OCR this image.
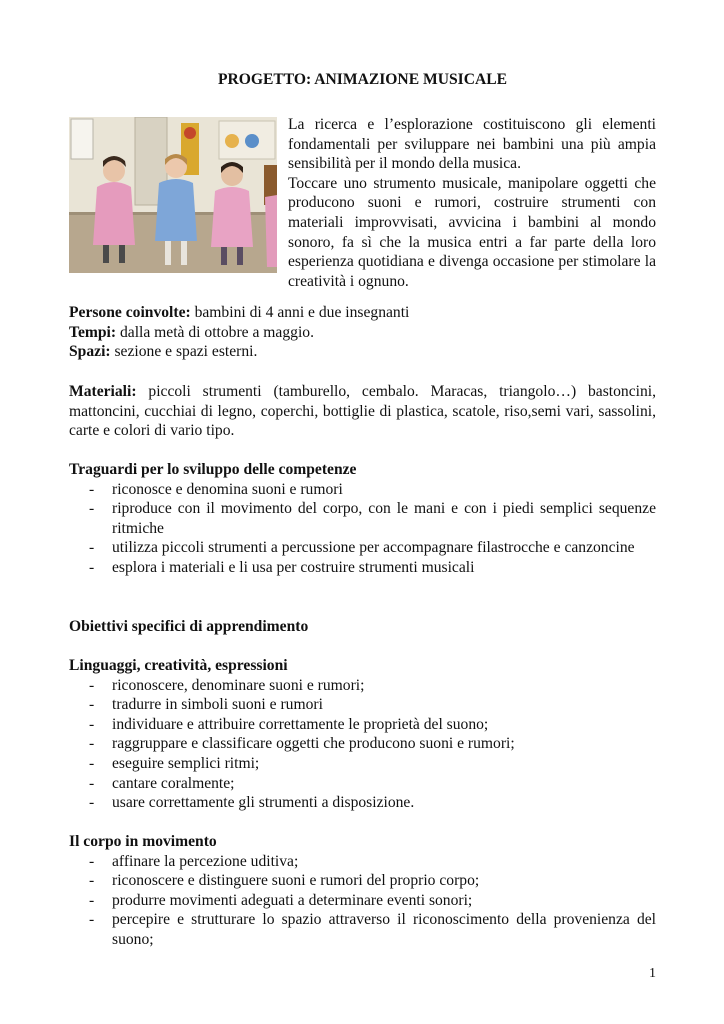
PROGETTO: ANIMAZIONE MUSICALE

La ricerca e l’esplorazione costituiscono gli elementi fondamentali per sviluppare nei bambini una più ampia sensibilità per il mondo della musica.

Toccare uno strumento musicale, manipolare oggetti che producono suoni e rumori, costruire strumenti con materiali improvvisati, avvicina i bambini al mondo sonoro, fa sì che la musica entri a far parte della loro esperienza quotidiana e divenga occasione per stimolare la creatività i ognuno.

Persone coinvolte: bambini di 4 anni e due insegnanti

Tempi: dalla metà di ottobre a maggio.

Spazi: sezione e spazi esterni.

Materiali: piccoli strumenti (tamburello, cembalo. Maracas, triangolo…) bastoncini, mattoncini, cucchiai di legno, coperchi, bottiglie di plastica, scatole, riso,semi vari, sassolini, carte e colori di vario tipo.

Traguardi per lo sviluppo delle competenze

- riconosce e denomina suoni e rumori
- riproduce con il movimento del corpo, con le mani e con i piedi semplici sequenze ritmiche
- utilizza piccoli strumenti a percussione per accompagnare filastrocche e canzoncine
- esplora i materiali e li usa per costruire strumenti musicali

Obiettivi specifici di apprendimento

Linguaggi, creatività, espressioni

- riconoscere, denominare suoni e rumori;
- tradurre in simboli suoni e rumori
- individuare e attribuire correttamente le proprietà del suono;
- raggruppare e classificare oggetti che producono suoni e rumori;
- eseguire semplici ritmi;
- cantare coralmente;
- usare correttamente gli strumenti a disposizione.

Il corpo in movimento

- affinare la percezione uditiva;
- riconoscere e distinguere suoni e rumori del proprio corpo;
- produrre movimenti adeguati a determinare eventi sonori;
- percepire e strutturare lo spazio attraverso il riconoscimento della provenienza del suono;
1
